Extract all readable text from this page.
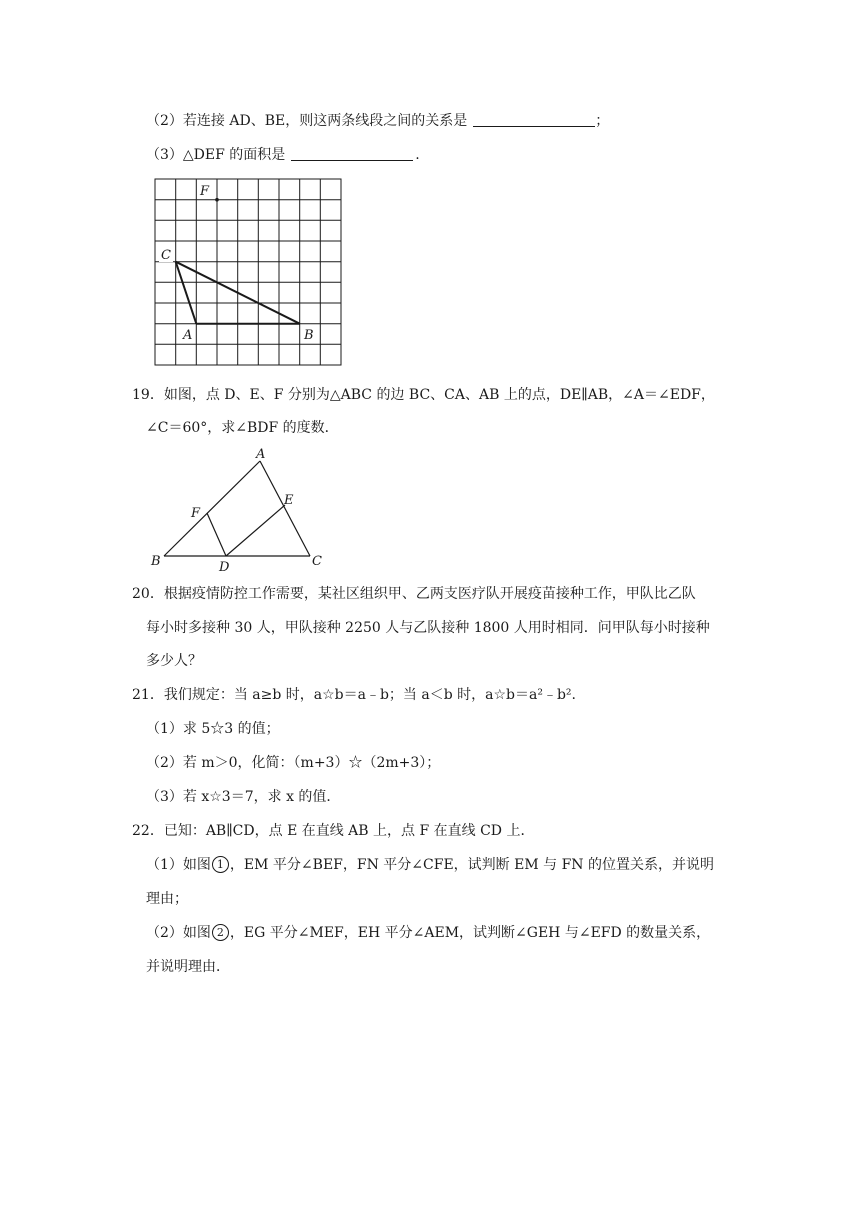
（2）若连接 AD、BE，则这两条线段之间的关系是	；
（3）△DEF 的面积是	.
F
C
A	B
19．如图，点 D、E、F 分别为△ABC 的边 BC、CA、AB 上的点，DE∥AB，∠A＝∠EDF，
∠C＝60°，求∠BDF 的度数．
A
E
F
B	D	C
20．根据疫情防控工作需要，某社区组织甲、乙两支医疗队开展疫苗接种工作，甲队比乙队
每小时多接种 30 人，甲队接种 2250 人与乙队接种 1800 人用时相同．问甲队每小时接种
多少人？
21．我们规定：当 a≥b 时，a☆b＝a﹣b；当 a＜b 时，a☆b＝a²﹣b².
（1）求 5☆3 的值；
（2）若 m＞0，化简：（m+3）☆（2m+3）；
（3）若 x☆3＝7，求 x 的值．
22．已知：AB∥CD，点 E 在直线 AB 上，点 F 在直线 CD 上．
（1）如图 1 ，EM 平分∠BEF，FN 平分∠CFE，试判断 EM 与 FN 的位置关系，并说明
理由；
（2）如图 2 ，EG 平分∠MEF，EH 平分∠AEM，试判断∠GEH 与∠EFD 的数量关系，
并说明理由．
